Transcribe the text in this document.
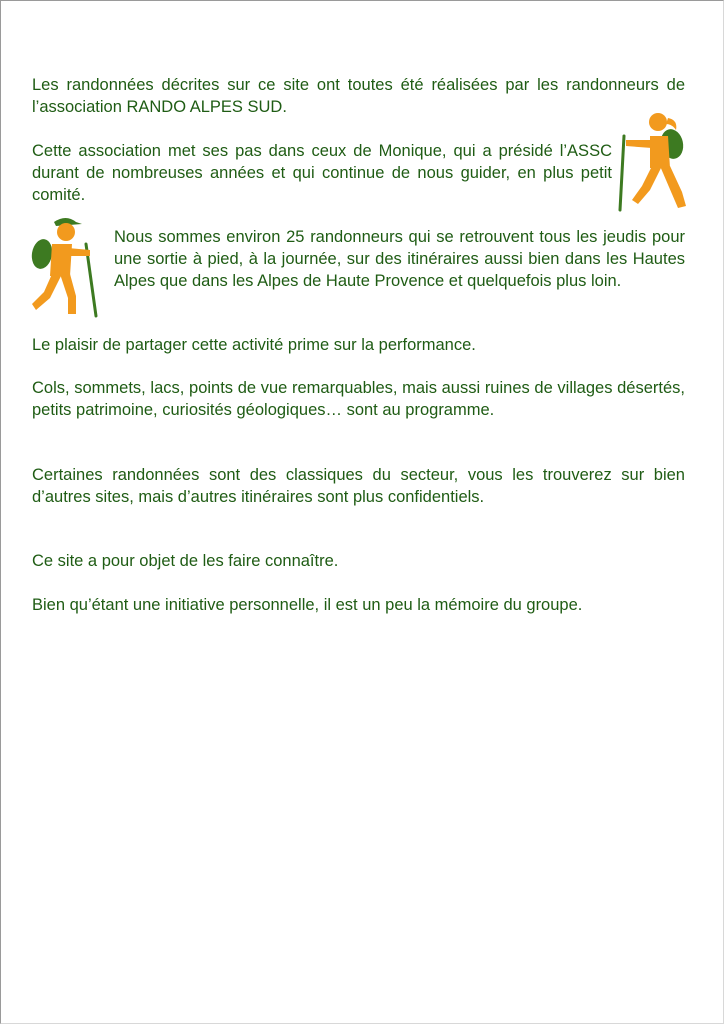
Les randonnées décrites sur ce site ont toutes été réalisées par les randonneurs de l’association RANDO ALPES SUD.

Cette association met ses pas dans ceux de Monique, qui a présidé l’ASSC durant de nombreuses années et qui continue de nous guider, en plus petit comité.

Nous sommes environ 25 randonneurs qui se retrouvent tous les jeudis pour une sortie à pied, à la journée, sur des itinéraires aussi bien dans les Hautes Alpes que dans les Alpes de Haute Provence et quelquefois plus loin.

Le plaisir de partager cette activité prime sur la performance.

Cols, sommets, lacs, points de vue remarquables, mais aussi ruines de villages désertés, petits patrimoine, curiosités géologiques… sont au programme.

Certaines randonnées sont des classiques du secteur, vous les trouverez sur bien d’autres sites, mais d’autres itinéraires sont plus confidentiels.

Ce site a pour objet de les faire connaître.

Bien qu’étant une initiative personnelle, il est un peu la mémoire du groupe.
